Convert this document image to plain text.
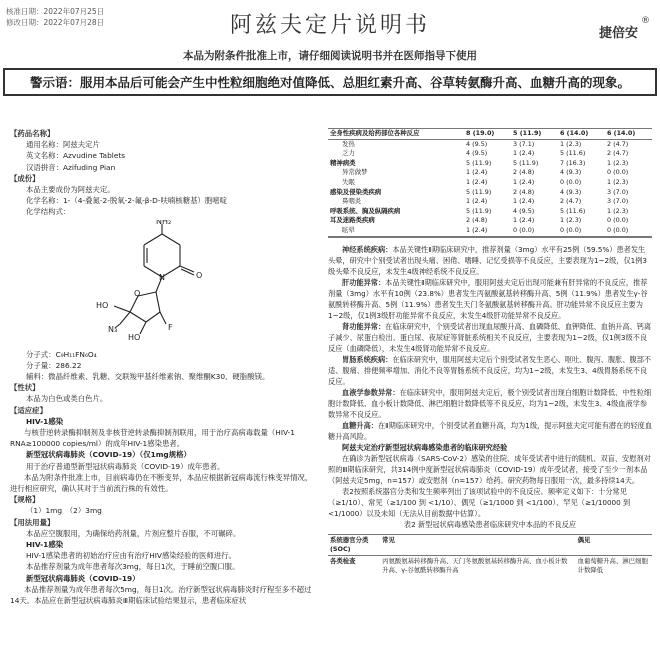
核准日期：2022年07月25日
修改日期：2022年07月28日	阿兹夫定片说明书	捷倍安
®
本品为附条件批准上市，请仔细阅读说明书并在医师指导下使用
警示语：服用本品后可能会产生中性粒细胞绝对值降低、总胆红素升高、谷草转氨酶升高、血糖升高的现象。

【药品名称】

通用名称：阿兹夫定片

英文名称：Azvudine Tablets

汉语拼音：Azifuding Pian

【成份】

本品主要成份为阿兹夫定。

化学名称：1-（4-叠氮-2-脱氧-2-氟-β-D-呋喃核糖基）胞嘧啶

化学结构式：

NH₂
O
N
O
F
HO
HO
N₃

分子式：C₉H₁₁FN₆O₄

分子量：286.22

辅料：微晶纤维素、乳糖、交联羧甲基纤维素钠、聚维酮K30、硬脂酸镁。

【性状】

本品为白色或类白色片。

【适应症】

HIV-1感染

与核苷逆转录酶抑制剂及非核苷逆转录酶抑制剂联用，用于治疗高病毒载量（HIV-1 RNA≥100000 copies/ml）的成年HIV-1感染患者。

新型冠状病毒肺炎（COVID-19）（仅1mg规格）

用于治疗普通型新型冠状病毒肺炎（COVID-19）成年患者。

本品为附条件批准上市，目前病毒仍在不断变异，本品应根据新冠病毒流行株变异情况，进行相应研究，确认其对于当前流行株的有效性。

【规格】

（1）1mg　（2）3mg

【用法用量】

本品应空腹服用，为确保给药剂量，片剂应整片吞服，不可碾碎。

HIV-1感染

HIV-1感染患者的初始治疗应由有治疗HIV感染经验的医师进行。

本品推荐剂量为成年患者每次3mg，每日1次，于睡前空腹口服。

新型冠状病毒肺炎（COVID-19）

本品推荐剂量为成年患者每次5mg，每日1次。治疗新型冠状病毒肺炎时疗程至多不超过14天。本品应在新型冠状病毒肺炎Ⅲ期临床试验结果显示，患者临床症状

全身性疾病及给药部位各种反应	8 (19.0)	5 (11.9)	6 (14.0)	6 (14.0)
发热	4 (9.5)	3 (7.1)	1 (2.3)	2 (4.7)
乏力	4 (9.5)	1 (2.4)	5 (11.6)	2 (4.7)
精神病类	5 (11.9)	5 (11.9)	7 (16.3)	1 (2.3)
异常做梦	1 (2.4)	2 (4.8)	4 (9.3)	0 (0.0)
失眠	1 (2.4)	1 (2.4)	0 (0.0)	1 (2.3)
感染及侵染类疾病	5 (11.9)	2 (4.8)	4 (9.3)	3 (7.0)
鼻咽炎	1 (2.4)	1 (2.4)	2 (4.7)	3 (7.0)
呼吸系统、胸及纵隔疾病	5 (11.9)	4 (9.5)	5 (11.6)	1 (2.3)
耳及迷路类疾病	2 (4.8)	1 (2.4)	1 (2.3)	0 (0.0)
眩晕	1 (2.4)	0 (0.0)	0 (0.0)	0 (0.0)

神经系统疾病：本品关键性Ⅱ期临床研究中，推荐剂量（3mg）水平有25例（59.5%）患者发生头晕，研究中个别受试者出现头痛、困倦、嗜睡、记忆受损等不良反应，主要表现为1~2级，仅1例3级头晕不良反应，未发生4级神经系统不良反应。

肝功能异常：本品关键性Ⅱ期临床研究中，服用阿兹夫定后出现可能兼有肝异常的不良反应，推荐剂量（3mg）水平有10例（23.8%）患者发生丙氨酸氨基转移酶升高、5例（11.9%）患者发生γ-谷氨酰转移酶升高、5例（11.9%）患者发生天门冬氨酸氨基转移酶升高。肝功能异常不良反应主要为1~2级，仅1例3级肝功能异常不良反应，未发生4级肝功能异常不良反应。

肾功能异常：在临床研究中，个别受试者出现血尿酸升高、血磷降低、血钾降低、血钠升高、钙离子减少、尿蛋白检出、蛋白尿、夜尿症等肾脏系统相关不良反应，主要表现为1~2级，仅1例3级不良反应（血磷降低），未发生4级肾功能异常不良反应。

胃肠系统疾病：在临床研究中，服用阿兹夫定后个别受试者发生恶心、呕吐、腹泻、腹胀、腹部不适、腹痛、排便频率增加、消化不良等胃肠系统不良反应，均为1~2级，未发生3、4级胃肠系统不良反应。

血液学参数异常：在临床研究中，服用阿兹夫定后，极个别受试者出现白细胞计数降低、中性粒细胞计数降低、血小板计数降低、淋巴细胞计数降低等不良反应，均为1~2级，未发生3、4级血液学参数异常不良反应。

血糖升高：在Ⅱ期临床研究中，个别受试者血糖升高，均为1级，提示阿兹夫定可能有潜在的轻度血糖升高风险。

阿兹夫定治疗新型冠状病毒感染患者的临床研究经验

在确诊为新型冠状病毒（SARS-CoV-2）感染的住院、成年受试者中进行的随机、双盲、安慰剂对照的Ⅲ期临床研究，共314例中度新型冠状病毒肺炎（COVID-19）成年受试者，接受了至少一剂本品（阿兹夫定5mg，n=157）或安慰剂（n=157）给药。研究药物每日服用一次，最多持续14天。

表2按照系统器官分类和发生频率列出了该项试验中的不良反应。频率定义如下：十分常见（≥1/10）、常见（≥1/100 到 <1/10）、偶见（≥1/1000 到 <1/100）、罕见（≥1/10000 到 <1/1000）以及未知（无法从目前数据中估算）。

表2 新型冠状病毒感染患者临床研究中本品的不良反应

系统器官分类(SOC)	常见	偶见
各类检查	丙氨酸氨基转移酶升高、天门冬氨酸氨基转移酶升高、血小板计数升高、γ-谷氨酰转移酶升高	血葡萄糖升高、淋巴细胞计数降低
